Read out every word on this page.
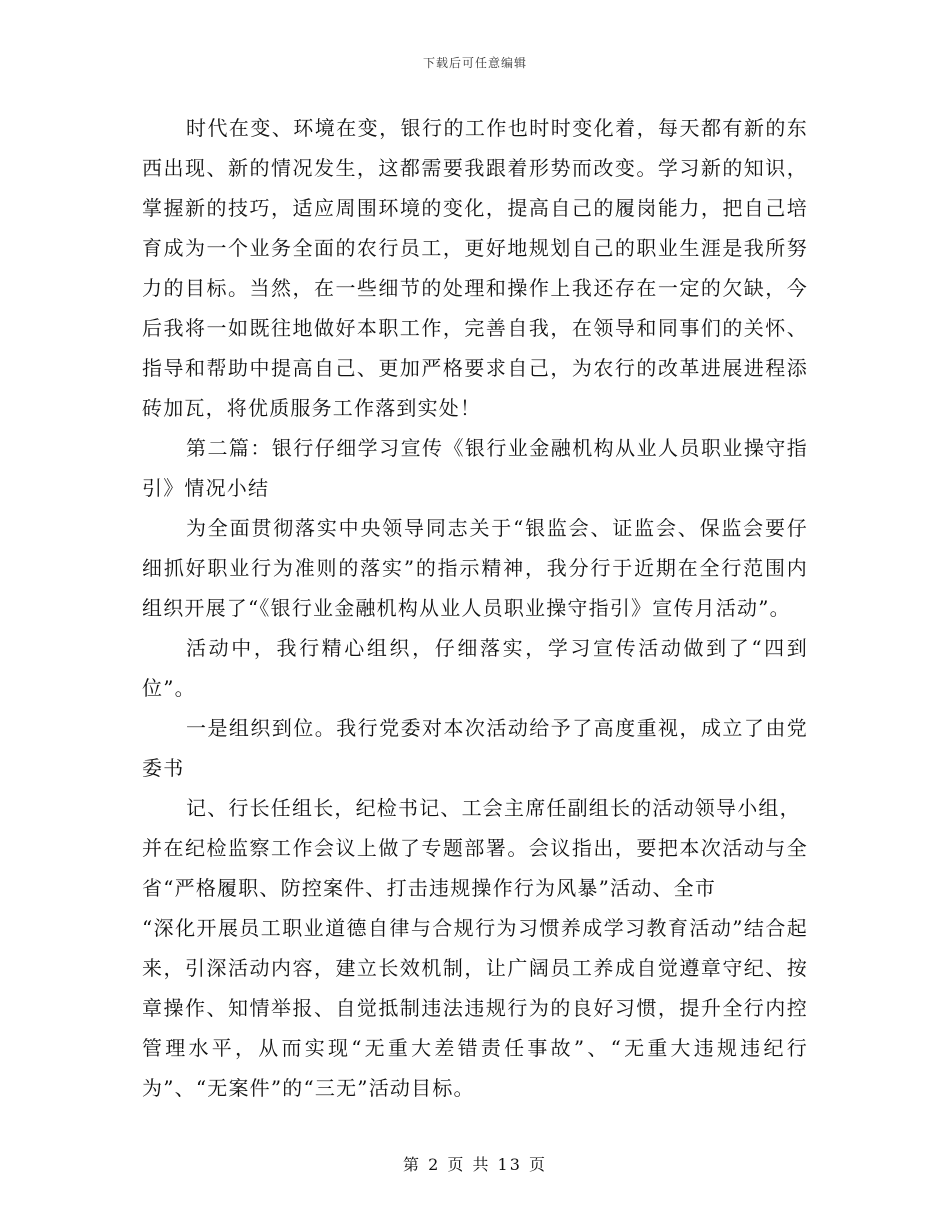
下载后可任意编辑

时代在变、环境在变，银行的工作也时时变化着，每天都有新的东西出现、新的情况发生，这都需要我跟着形势而改变。学习新的知识，掌握新的技巧，适应周围环境的变化，提高自己的履岗能力，把自己培育成为一个业务全面的农行员工，更好地规划自己的职业生涯是我所努力的目标。当然，在一些细节的处理和操作上我还存在一定的欠缺，今后我将一如既往地做好本职工作，完善自我，在领导和同事们的关怀、指导和帮助中提高自己、更加严格要求自己，为农行的改革进展进程添砖加瓦，将优质服务工作落到实处！

第二篇：银行仔细学习宣传《银行业金融机构从业人员职业操守指引》情况小结

为全面贯彻落实中央领导同志关于“银监会、证监会、保监会要仔细抓好职业行为准则的落实”的指示精神，我分行于近期在全行范围内组织开展了“《银行业金融机构从业人员职业操守指引》宣传月活动”。

活动中，我行精心组织，仔细落实，学习宣传活动做到了“四到位”。

一是组织到位。我行党委对本次活动给予了高度重视，成立了由党委书

记、行长任组长，纪检书记、工会主席任副组长的活动领导小组，

并在纪检监察工作会议上做了专题部署。会议指出，要把本次活动与全省“严格履职、防控案件、打击违规操作行为风暴”活动、全市

“深化开展员工职业道德自律与合规行为习惯养成学习教育活动”结合起来，引深活动内容，建立长效机制，让广阔员工养成自觉遵章守纪、按章操作、知情举报、自觉抵制违法违规行为的良好习惯，提升全行内控管理水平，从而实现“无重大差错责任事故”、“无重大违规违纪行为”、“无案件”的“三无”活动目标。

第 2 页 共 13 页
